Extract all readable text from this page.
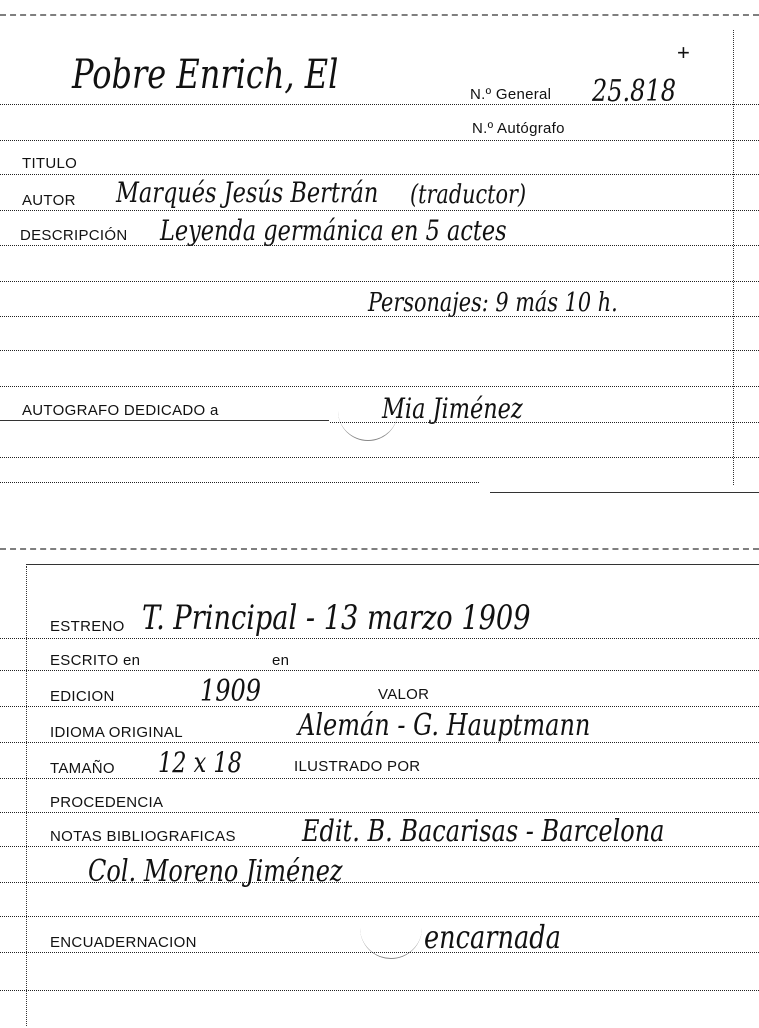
Pobre Enrich, El	N.º General 25.818
+
N.º Autógrafo
TITULO
AUTOR Marqués Jesús Bertrán (traductor)
DESCRIPCIÓN Leyenda germánica en 5 actes
Personajes: 9 más 10 h.
AUTOGRAFO DEDICADO a	Mia Jiménez
ESTRENO T. Principal - 13 marzo 1909
ESCRITO en	en
EDICION	1909	VALOR
IDIOMA ORIGINAL	Alemán - G. Hauptmann
TAMAÑO 12 x 18	ILUSTRADO POR
PROCEDENCIA
NOTAS BIBLIOGRAFICAS Edit. B. Bacarisas - Barcelona
Col. Moreno Jiménez
ENCUADERNACION	encarnada
